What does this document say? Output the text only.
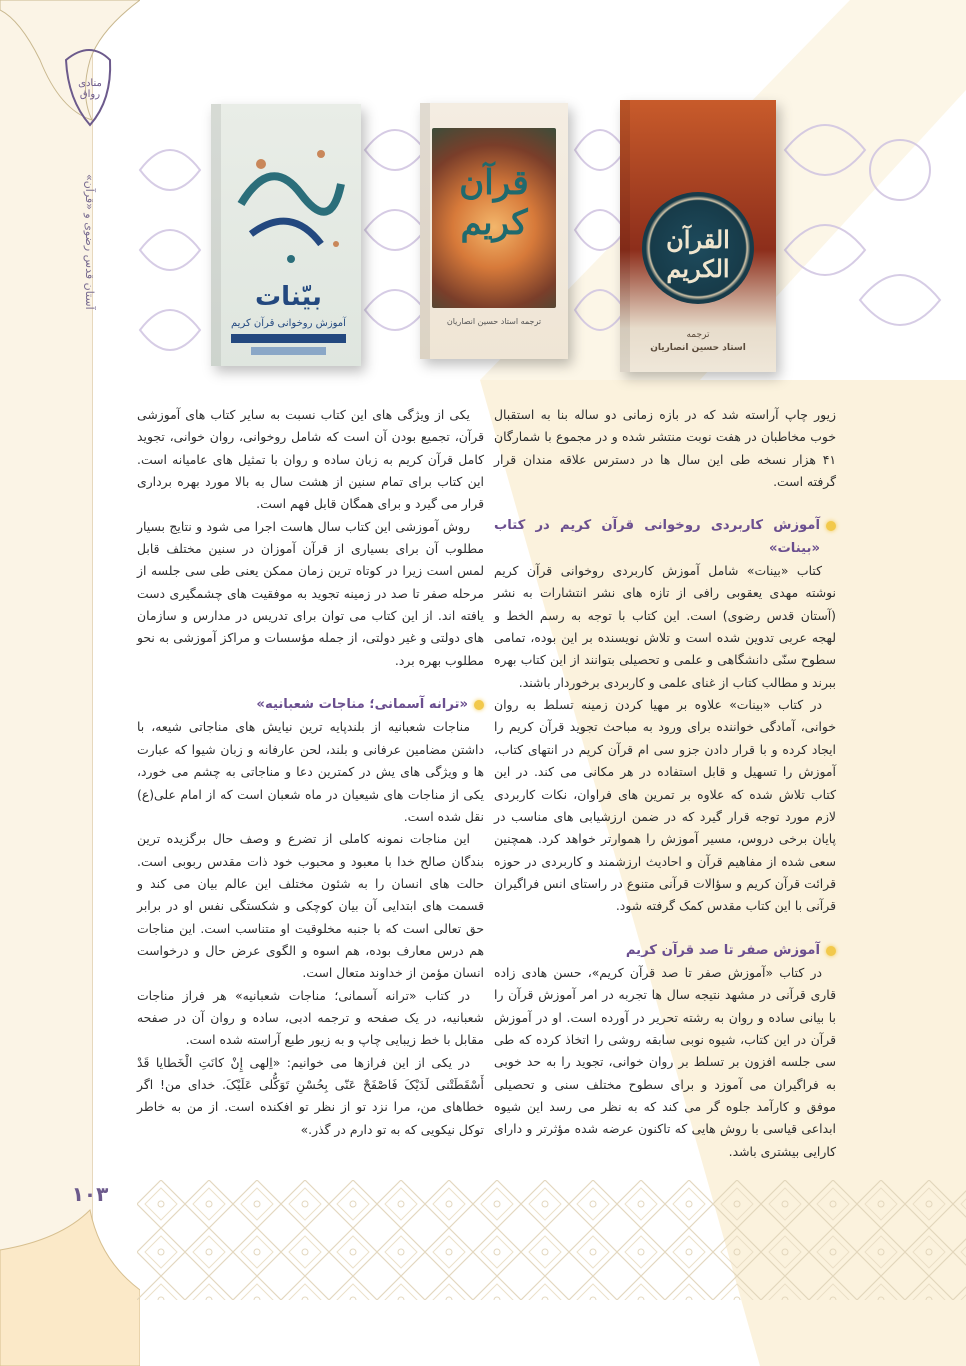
منادی رواق
آستان قدس رضوی و «قرآن»
۱۰۳
بیّنات
آموزش روخوانی قرآن کریم
قرآن کریم
ترجمه استاد حسین انصاریان
القرآن الکریم
ترجمه
استاد حسین انصاریان

زیور چاپ آراسته شد که در بازه زمانی دو ساله بنا به استقبال خوب مخاطبان در هفت نوبت منتشر شده و در مجموع با شمارگان ۴۱ هزار نسخه طی این سال ها در دسترس علاقه مندان قرار گرفته است.

آموزش کاربردی روخوانی قرآن کریم در کتاب «بینات»

کتاب «بینات» شامل آموزش کاربردی روخوانی قرآن کریم نوشته مهدی یعقوبی رافی از تازه های نشر انتشارات به نشر (آستان قدس رضوی) است. این کتاب با توجه به رسم الخط و لهجه عربی تدوین شده است و تلاش نویسنده بر این بوده، تمامی سطوح سنّی دانشگاهی و علمی و تحصیلی بتوانند از این کتاب بهره ببرند و مطالب کتاب از غنای علمی و کاربردی برخوردار باشند.

در کتاب «بینات» علاوه بر مهیا کردن زمینه تسلط به روان خوانی، آمادگی خواننده برای ورود به مباحث تجوید قرآن کریم را ایجاد کرده و با قرار دادن جزو سی ام قرآن کریم در انتهای کتاب، آموزش را تسهیل و قابل استفاده در هر مکانی می کند. در این کتاب تلاش شده که علاوه بر تمرین های فراوان، نکات کاربردی لازم مورد توجه قرار گیرد که در ضمن ارزشیابی های مناسب در پایان برخی دروس، مسیر آموزش را هموارتر خواهد کرد. همچنین سعی شده از مفاهیم قرآن و احادیث ارزشمند و کاربردی در حوزه قرائت قرآن کریم و سؤالات قرآنی متنوع در راستای انس فراگیران قرآنی با این کتاب مقدس کمک گرفته شود.

آموزش صفر تا صد قرآن کریم

در کتاب «آموزش صفر تا صد قرآن کریم»، حسن هادی زاده قاری قرآنی در مشهد نتیجه سال ها تجربه در امر آموزش قرآن را با بیانی ساده و روان به رشته تحریر در آورده است. او در آموزش قرآن در این کتاب، شیوه نوبی سابقه روشی را اتخاذ کرده که طی سی جلسه افزون بر تسلط بر روان خوانی، تجوید را به حد خوبی به فراگیران می آموزد و برای سطوح مختلف سنی و تحصیلی موفق و کارآمد جلوه گر می کند که به نظر می رسد این شیوه ابداعی قیاسی با روش هایی که تاکنون عرضه شده مؤثرتر و دارای کارایی بیشتری باشد.

یکی از ویژگی های این کتاب نسبت به سایر کتاب های آموزشی قرآن، تجمیع بودن آن است که شامل روخوانی، روان خوانی، تجوید کامل قرآن کریم به زبان ساده و روان با تمثیل های عامیانه است. این کتاب برای تمام سنین از هشت سال به بالا مورد بهره برداری قرار می گیرد و برای همگان قابل فهم است.

روش آموزشی این کتاب سال هاست اجرا می شود و نتایج بسیار مطلوب آن برای بسیاری از قرآن آموزان در سنین مختلف قابل لمس است زیرا در کوتاه ترین زمان ممکن یعنی طی سی جلسه از مرحله صفر تا صد در زمینه تجوید به موفقیت های چشمگیری دست یافته اند. از این کتاب می توان برای تدریس در مدارس و سازمان های دولتی و غیر دولتی، از جمله مؤسسات و مراکز آموزشی به نحو مطلوب بهره برد.

«ترانه آسمانی؛ مناجات شعبانیه»

مناجات شعبانیه از بلندپایه ترین نیایش های مناجاتی شیعه، با داشتن مضامین عرفانی و بلند، لحن عارفانه و زبان شیوا که عبارت ها و ویژگی های یش در کمترین دعا و مناجاتی به چشم می خورد، یکی از مناجات های شیعیان در ماه شعبان است که از امام علی(ع) نقل شده است.

این مناجات نمونه کاملی از تضرع و وصف حال برگزیده ترین بندگان صالح خدا با معبود و محبوب خود ذات مقدس ربوبی است. حالت های انسان را به شئون مختلف این عالم بیان می کند و قسمت های ابتدایی آن بیان کوچکی و شکستگی نفس او در برابر حق تعالی است که با جنبه مخلوقیت او متناسب است. این مناجات هم درس معارف بوده، هم اسوه و الگوی عرض حال و درخواست انسان مؤمن از خداوند متعال است.

در کتاب «ترانه آسمانی؛ مناجات شعبانیه» هر فراز مناجات شعبانیه، در یک صفحه و ترجمه ادبی، ساده و روان آن در صفحه مقابل با خط زیبایی چاپ و به زیور طبع آراسته شده است.

در یکی از این فرازها می خوانیم: «اِلهی إِنْ کانَتِ الْخَطایا قَدْ أَسْقَطَتْنی لَدَیْکَ فَاصْفَحْ عَنّی بِحُسْنِ تَوَکُّلی عَلَیْکَ. خدای من! اگر خطاهای من، مرا نزد تو از نظر تو افکنده است. از من به خاطر توکل نیکویی که به تو دارم در گذر.»
